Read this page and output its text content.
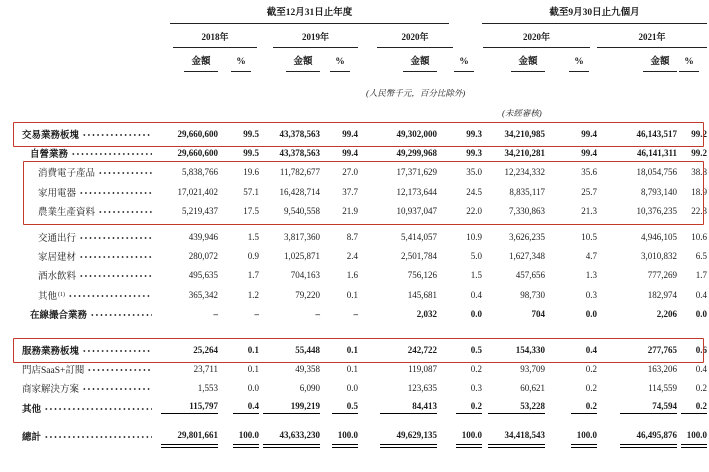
截至12月31日止年度	截至9月30日止九個月
2018年	2019年	2020年	2020年	2021年
金額	%	金額	%	金額	%	金額	%	金額	%
(人民幣千元，百分比除外)
(未經審核)
交易業務板塊	29,660,600	99.5	43,378,563	99.4	49,302,000	99.3	34,210,985	99.4	46,143,517	99.2
自營業務	29,660,600	99.5	43,378,563	99.4	49,299,968	99.3	34,210,281	99.4	46,141,311	99.2
消費電子產品	5,838,766	19.6	11,782,677	27.0	17,371,629	35.0	12,234,332	35.6	18,054,756	38.8
家用電器	17,021,402	57.1	16,428,714	37.7	12,173,644	24.5	8,835,117	25.7	8,793,140	18.9
農業生產資料	5,219,437	17.5	9,540,558	21.9	10,937,047	22.0	7,330,863	21.3	10,376,235	22.3
交通出行	439,946	1.5	3,817,360	8.7	5,414,057	10.9	3,626,235	10.5	4,946,105	10.6
家居建材	280,072	0.9	1,025,871	2.4	2,501,784	5.0	1,627,348	4.7	3,010,832	6.5
酒水飲料	495,635	1.7	704,163	1.6	756,126	1.5	457,656	1.3	777,269	1.7
其他 (1)	365,342	1.2	79,220	0.1	145,681	0.4	98,730	0.3	182,974	0.4
在線撮合業務	–	–	–	–	2,032	0.0	704	0.0	2,206	0.0
服務業務板塊	25,264	0.1	55,448	0.1	242,722	0.5	154,330	0.4	277,765	0.6
門店SaaS+訂閱	23,711	0.1	49,358	0.1	119,087	0.2	93,709	0.2	163,206	0.4
商家解決方案	1,553	0.0	6,090	0.0	123,635	0.3	60,621	0.2	114,559	0.2
其他	115,797	0.4	199,219	0.5	84,413	0.2	53,228	0.2	74,594	0.2
總計	29,801,661	100.0	43,633,230	100.0	49,629,135	100.0	34,418,543	100.0	46,495,876	100.0
